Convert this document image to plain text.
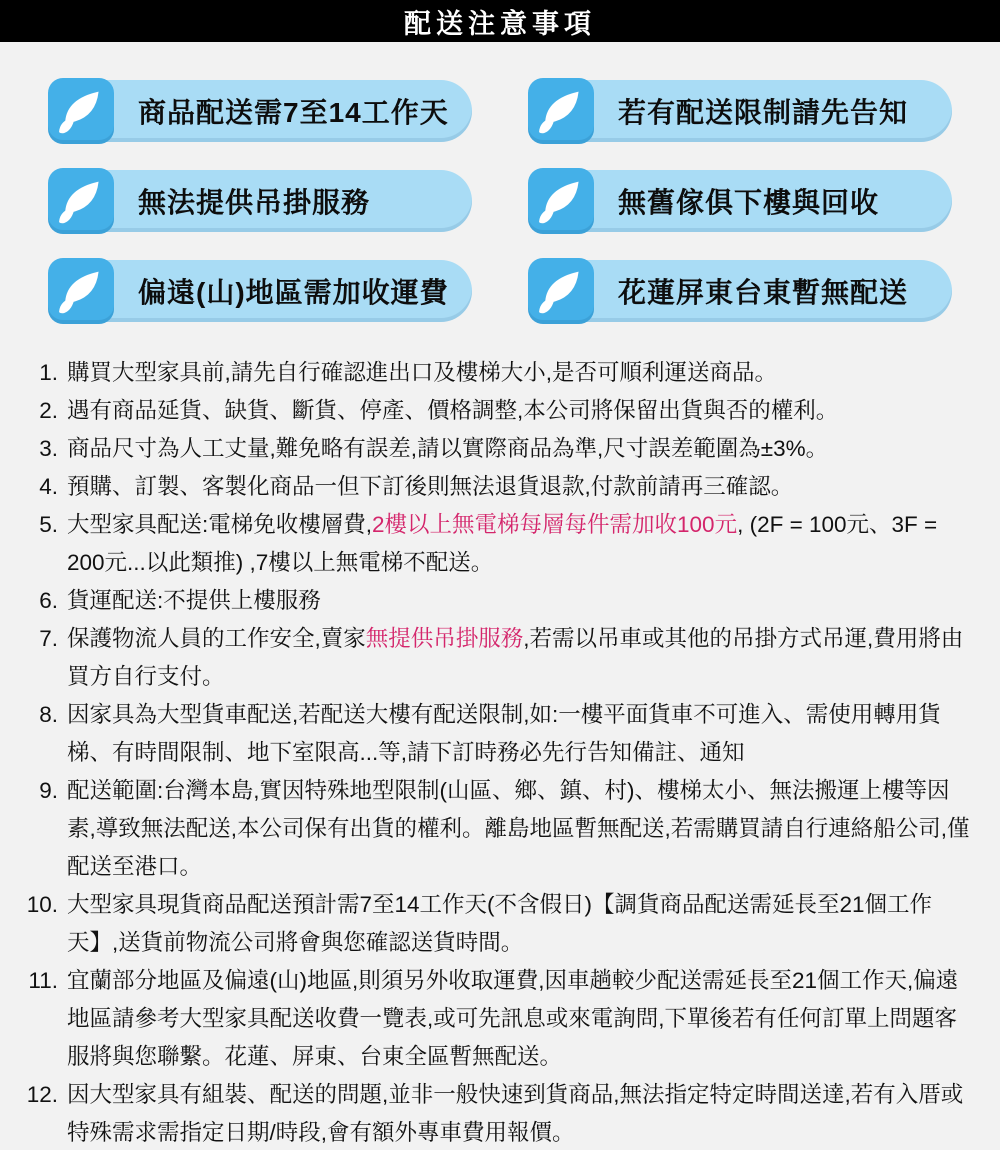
配送注意事項
商品配送需7至14工作天	若有配送限制請先告知
無法提供吊掛服務	無舊傢俱下樓與回收
偏遠(山)地區需加收運費	花蓮屏東台東暫無配送
1. 購買大型家具前,請先自行確認進出口及樓梯大小,是否可順利運送商品。
2. 遇有商品延貨、缺貨、斷貨、停產、價格調整,本公司將保留出貨與否的權利。
3. 商品尺寸為人工丈量,難免略有誤差,請以實際商品為準,尺寸誤差範圍為±3%。
4. 預購、訂製、客製化商品一但下訂後則無法退貨退款,付款前請再三確認。
5. 大型家具配送:電梯免收樓層費,2樓以上無電梯每層每件需加收100元, (2F = 100元、3F = 200元...以此類推) ,7樓以上無電梯不配送。
6. 貨運配送:不提供上樓服務
7. 保護物流人員的工作安全,賣家無提供吊掛服務,若需以吊車或其他的吊掛方式吊運,費用將由買方自行支付。
8. 因家具為大型貨車配送,若配送大樓有配送限制,如:一樓平面貨車不可進入、需使用轉用貨梯、有時間限制、地下室限高...等,請下訂時務必先行告知備註、通知
9. 配送範圍:台灣本島,實因特殊地型限制(山區、鄉、鎮、村)、樓梯太小、無法搬運上樓等因素,導致無法配送,本公司保有出貨的權利。離島地區暫無配送,若需購買請自行連絡船公司,僅配送至港口。
10. 大型家具現貨商品配送預計需7至14工作天(不含假日)【調貨商品配送需延長至21個工作天】,送貨前物流公司將會與您確認送貨時間。
11. 宜蘭部分地區及偏遠(山)地區,則須另外收取運費,因車趟較少配送需延長至21個工作天,偏遠地區請參考大型家具配送收費一覽表,或可先訊息或來電詢問,下單後若有任何訂單上問題客服將與您聯繫。花蓮、屏東、台東全區暫無配送。
12. 因大型家具有組裝、配送的問題,並非一般快速到貨商品,無法指定特定時間送達,若有入厝或特殊需求需指定日期/時段,會有額外專車費用報價。
